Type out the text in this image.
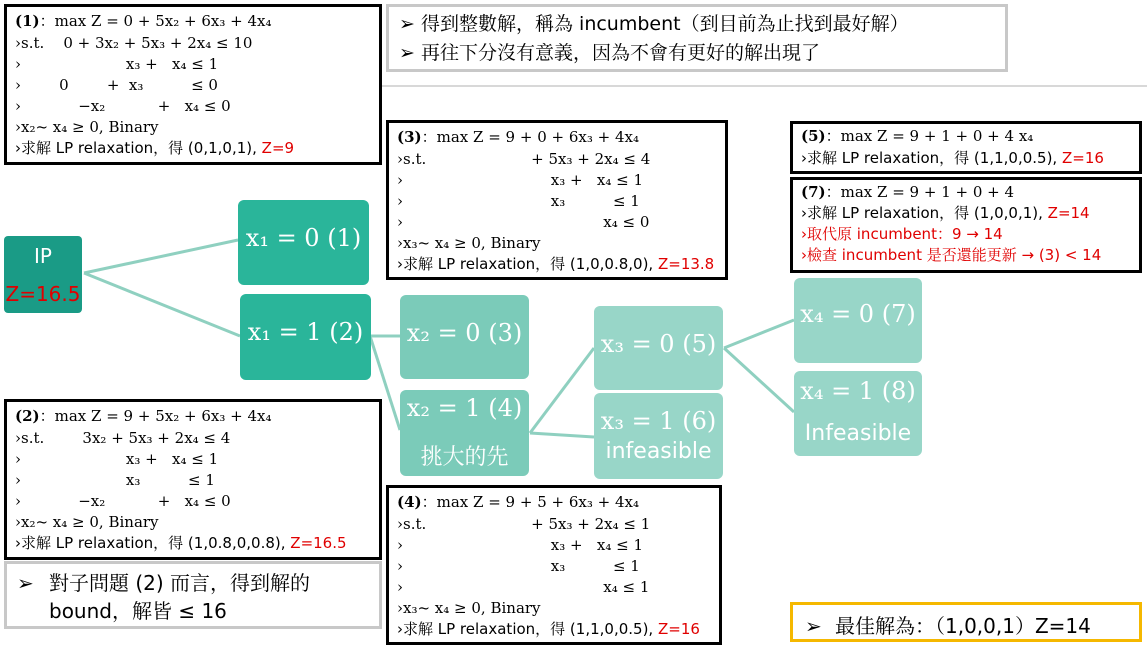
➢ 得到整數解，稱為 incumbent（到目前為止找到最好解）
➢ 再往下分沒有意義，因為不會有更好的解出現了
(1)：max Z = 0 + 5x₂ + 6x₃ + 4x₄
›s.t.    0 + 3x₂ + 5x₃ + 2x₄ ≤ 10
›                      x₃ +   x₄ ≤ 1
›        0        +  x₃          ≤ 0
›            −x₂           +   x₄ ≤ 0
›x₂~ x₄ ≥ 0, Binary
›求解 LP relaxation，得 (0,1,0,1), Z=9
(2)：max Z = 9 + 5x₂ + 6x₃ + 4x₄
›s.t.        3x₂ + 5x₃ + 2x₄ ≤ 4
›                      x₃ +   x₄ ≤ 1
›                      x₃          ≤ 1
›            −x₂           +   x₄ ≤ 0
›x₂~ x₄ ≥ 0, Binary
›求解 LP relaxation，得 (1,0.8,0,0.8), Z=16.5
(3)：max Z = 9 + 0 + 6x₃ + 4x₄
›s.t.                      + 5x₃ + 2x₄ ≤ 4
›                               x₃ +   x₄ ≤ 1
›                               x₃          ≤ 1
›                                          x₄ ≤ 0
›x₃~ x₄ ≥ 0, Binary
›求解 LP relaxation，得 (1,0,0.8,0), Z=13.8
(4)：max Z = 9 + 5 + 6x₃ + 4x₄
›s.t.                      + 5x₃ + 2x₄ ≤ 1
›                               x₃ +   x₄ ≤ 1
›                               x₃          ≤ 1
›                                          x₄ ≤ 1
›x₃~ x₄ ≥ 0, Binary
›求解 LP relaxation，得 (1,1,0,0.5), Z=16
(5)：max Z = 9 + 1 + 0 + 4 x₄
›求解 LP relaxation，得 (1,1,0,0.5), Z=16
(7)：max Z = 9 + 1 + 0 + 4
›求解 LP relaxation，得 (1,0,0,1), Z=14
›取代原 incumbent：9 → 14
›檢查 incumbent 是否還能更新 → (3) < 14
IP
Z=16.5
x₁ = 0 (1)
x₁ = 1 (2)	x₂ = 0 (3)
x₂ = 1 (4)
挑大的先
x₃ = 0 (5)
x₃ = 1 (6)
infeasible
x₄ = 0 (7)
x₄ = 1 (8)
Infeasible
➢ 對子問題 (2) 而言，得到解的 bound，解皆 ≤ 16
➢ 最佳解為：（1,0,0,1）Z=14
